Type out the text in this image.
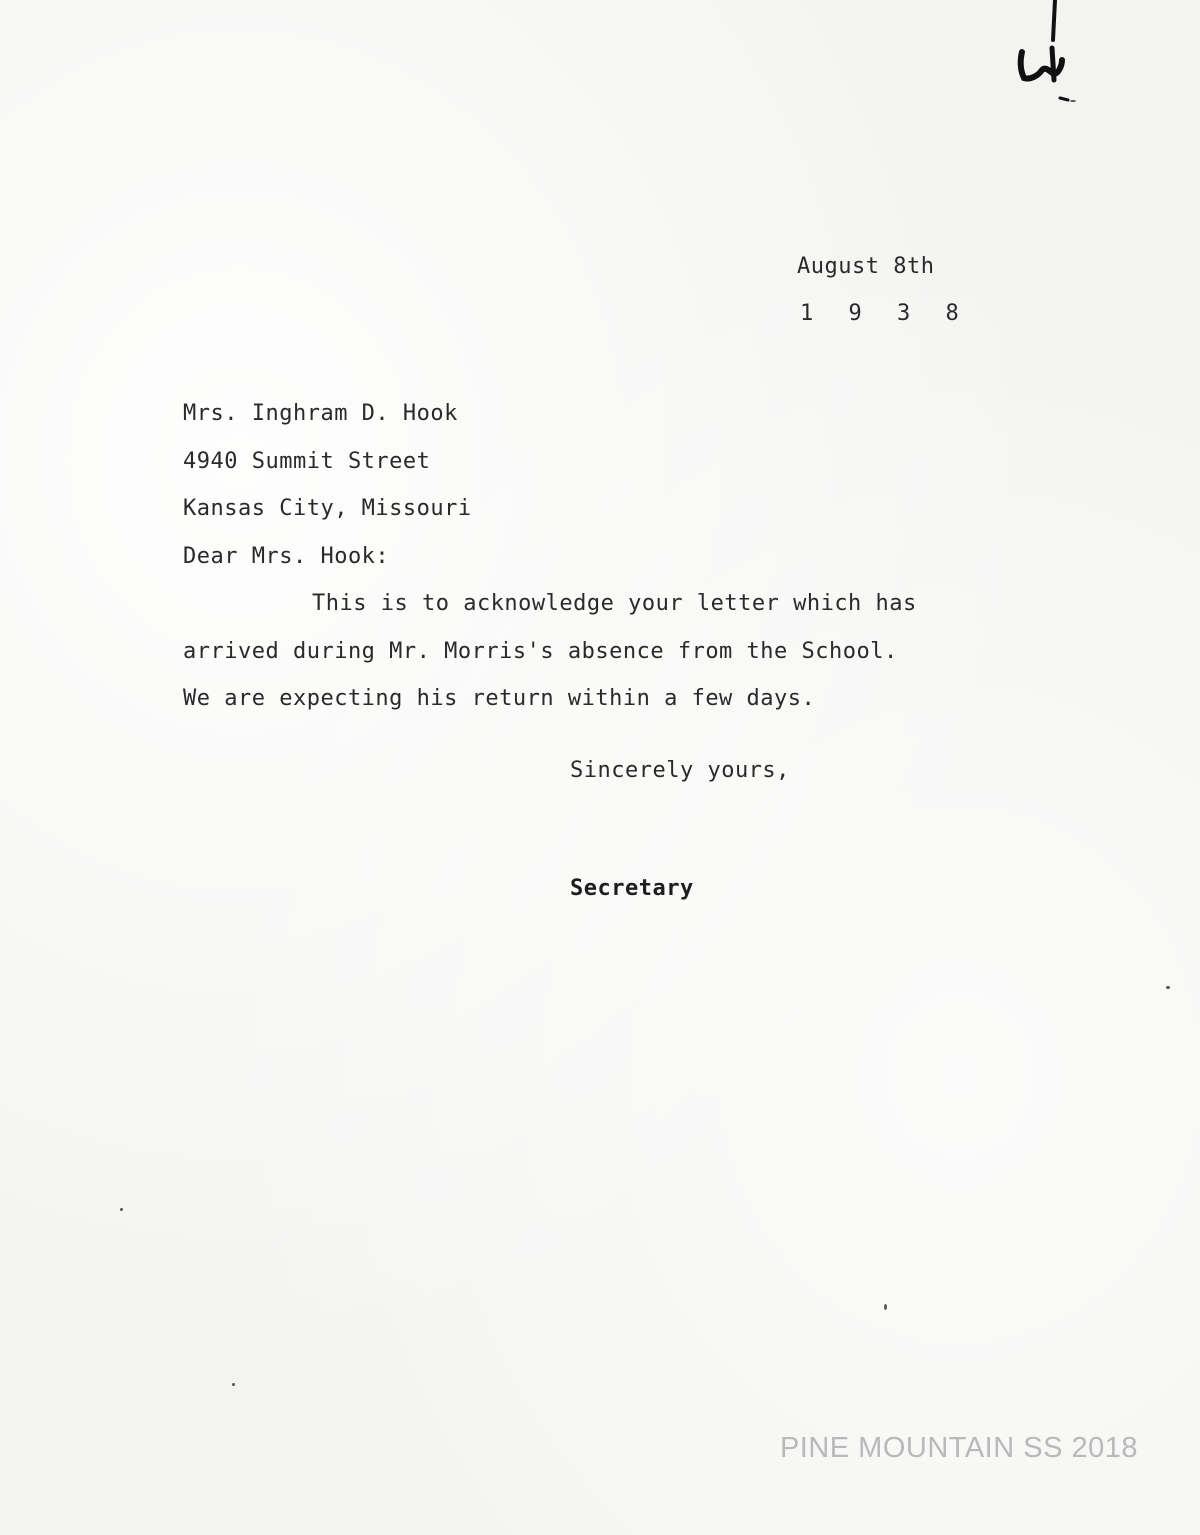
August 8th
1 9 3 8
Mrs. Inghram D. Hook
4940 Summit Street
Kansas City, Missouri
Dear Mrs. Hook:
This is to acknowledge your letter which has
arrived during Mr. Morris's absence from the School.
We are expecting his return within a few days.
Sincerely yours,
Secretary
PINE MOUNTAIN SS 2018
